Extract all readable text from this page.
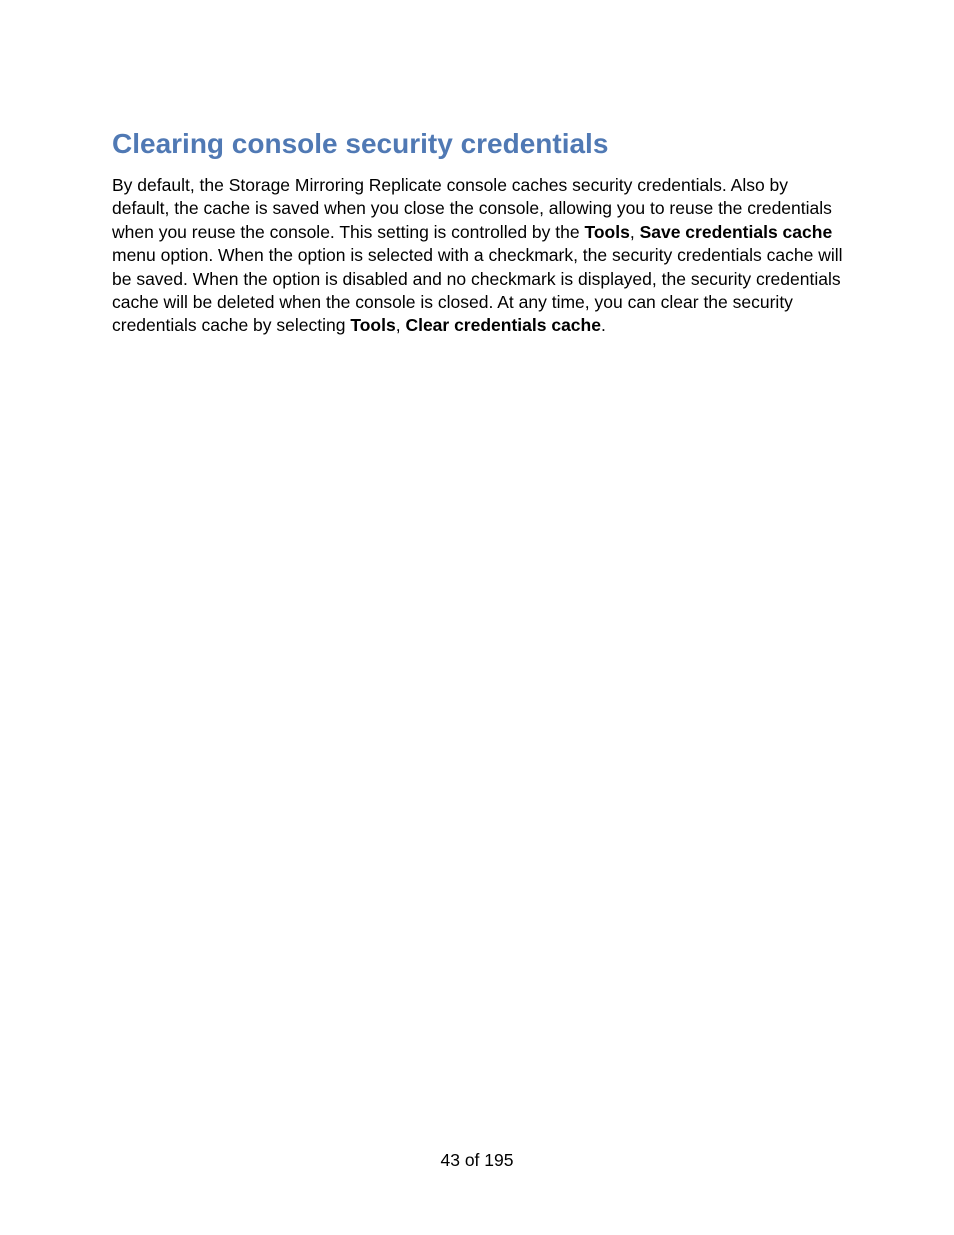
Clearing console security credentials

By default, the Storage Mirroring Replicate console caches security credentials. Also by default, the cache is saved when you close the console, allowing you to reuse the credentials when you reuse the console. This setting is controlled by the Tools, Save credentials cache menu option. When the option is selected with a checkmark, the security credentials cache will be saved. When the option is disabled and no checkmark is displayed, the security credentials cache will be deleted when the console is closed. At any time, you can clear the security credentials cache by selecting Tools, Clear credentials cache.

43 of 195
